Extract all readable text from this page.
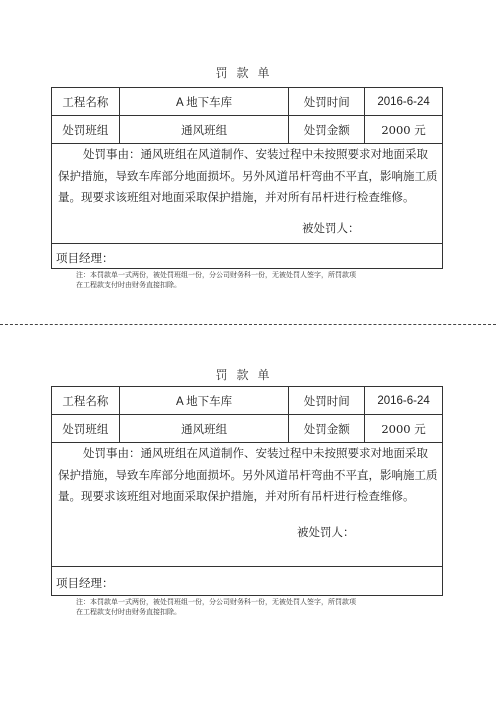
罚款单
工程名称	A 地下车库	处罚时间	2016-6-24
处罚班组	通风班组	处罚金额	2000 元
处罚事由：通风班组在风道制作、安装过程中未按照要求对地面采取保护措施，导致车库部分地面损坏。另外风道吊杆弯曲不平直，影响施工质量。现要求该班组对地面采取保护措施，并对所有吊杆进行检查维修。
被处罚人：
项目经理：
注：本罚款单一式两份，被处罚班组一份，分公司财务科一份，无被处罚人签字，所罚款项
在工程款支付时由财务直接扣除。
罚款单
工程名称	A 地下车库	处罚时间	2016-6-24
处罚班组	通风班组	处罚金额	2000 元
处罚事由：通风班组在风道制作、安装过程中未按照要求对地面采取保护措施，导致车库部分地面损坏。另外风道吊杆弯曲不平直，影响施工质量。现要求该班组对地面采取保护措施，并对所有吊杆进行检查维修。
被处罚人：
项目经理：
注：本罚款单一式两份，被处罚班组一份，分公司财务科一份，无被处罚人签字，所罚款项
在工程款支付时由财务直接扣除。
